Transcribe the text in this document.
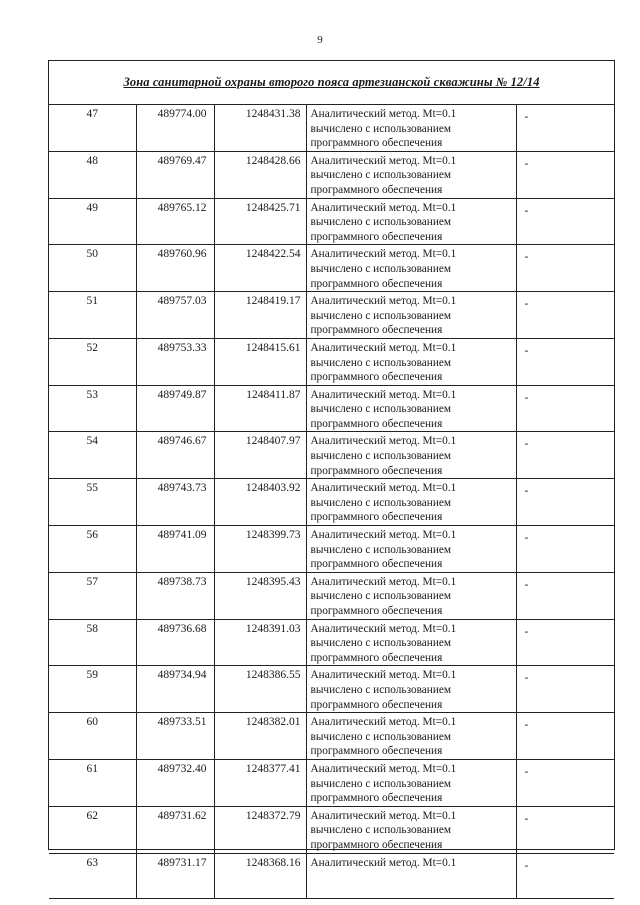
9
Зона санитарной охраны второго пояса артезианской скважины № 12/14
47	489774.00	1248431.38	Аналитический метод. Mt=0.1
вычислено с использованием
программного обеспечения	-
48	489769.47	1248428.66	Аналитический метод. Mt=0.1
вычислено с использованием
программного обеспечения	-
49	489765.12	1248425.71	Аналитический метод. Mt=0.1
вычислено с использованием
программного обеспечения	-
50	489760.96	1248422.54	Аналитический метод. Mt=0.1
вычислено с использованием
программного обеспечения	-
51	489757.03	1248419.17	Аналитический метод. Mt=0.1
вычислено с использованием
программного обеспечения	-
52	489753.33	1248415.61	Аналитический метод. Mt=0.1
вычислено с использованием
программного обеспечения	-
53	489749.87	1248411.87	Аналитический метод. Mt=0.1
вычислено с использованием
программного обеспечения	-
54	489746.67	1248407.97	Аналитический метод. Mt=0.1
вычислено с использованием
программного обеспечения	-
55	489743.73	1248403.92	Аналитический метод. Mt=0.1
вычислено с использованием
программного обеспечения	-
56	489741.09	1248399.73	Аналитический метод. Mt=0.1
вычислено с использованием
программного обеспечения	-
57	489738.73	1248395.43	Аналитический метод. Mt=0.1
вычислено с использованием
программного обеспечения	-
58	489736.68	1248391.03	Аналитический метод. Mt=0.1
вычислено с использованием
программного обеспечения	-
59	489734.94	1248386.55	Аналитический метод. Mt=0.1
вычислено с использованием
программного обеспечения	-
60	489733.51	1248382.01	Аналитический метод. Mt=0.1
вычислено с использованием
программного обеспечения	-
61	489732.40	1248377.41	Аналитический метод. Mt=0.1
вычислено с использованием
программного обеспечения	-
62	489731.62	1248372.79	Аналитический метод. Mt=0.1
вычислено с использованием
программного обеспечения	-
63	489731.17	1248368.16	Аналитический метод. Mt=0.1	-
